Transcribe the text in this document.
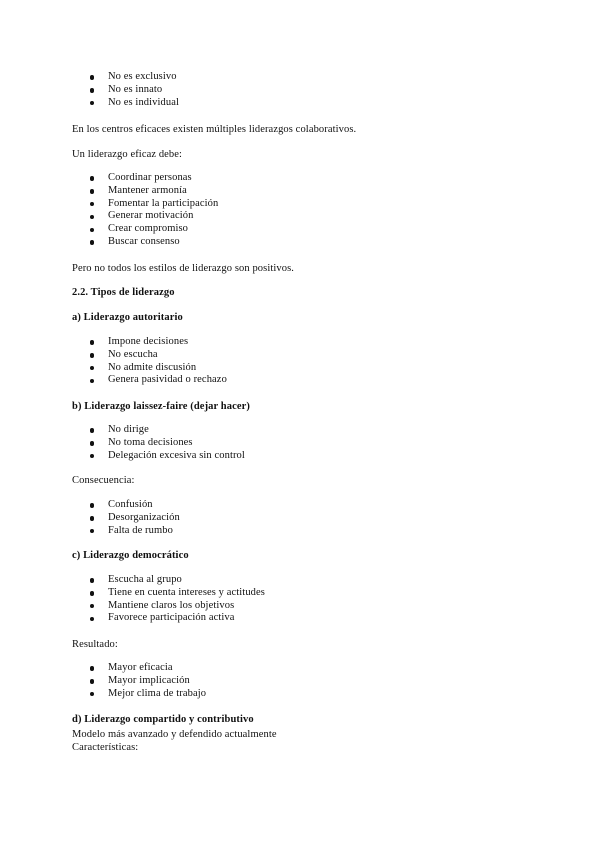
No es exclusivo
No es innato
No es individual

En los centros eficaces existen múltiples liderazgos colaborativos.

Un liderazgo eficaz debe:

Coordinar personas
Mantener armonía
Fomentar la participación
Generar motivación
Crear compromiso
Buscar consenso

Pero no todos los estilos de liderazgo son positivos.

2.2. Tipos de liderazgo

a) Liderazgo autoritario

Impone decisiones
No escucha
No admite discusión
Genera pasividad o rechazo

b) Liderazgo laissez-faire (dejar hacer)

No dirige
No toma decisiones
Delegación excesiva sin control

Consecuencia:

Confusión
Desorganización
Falta de rumbo

c) Liderazgo democrático

Escucha al grupo
Tiene en cuenta intereses y actitudes
Mantiene claros los objetivos
Favorece participación activa

Resultado:

Mayor eficacia
Mayor implicación
Mejor clima de trabajo

d) Liderazgo compartido y contributivo

Modelo más avanzado y defendido actualmente

Características:
